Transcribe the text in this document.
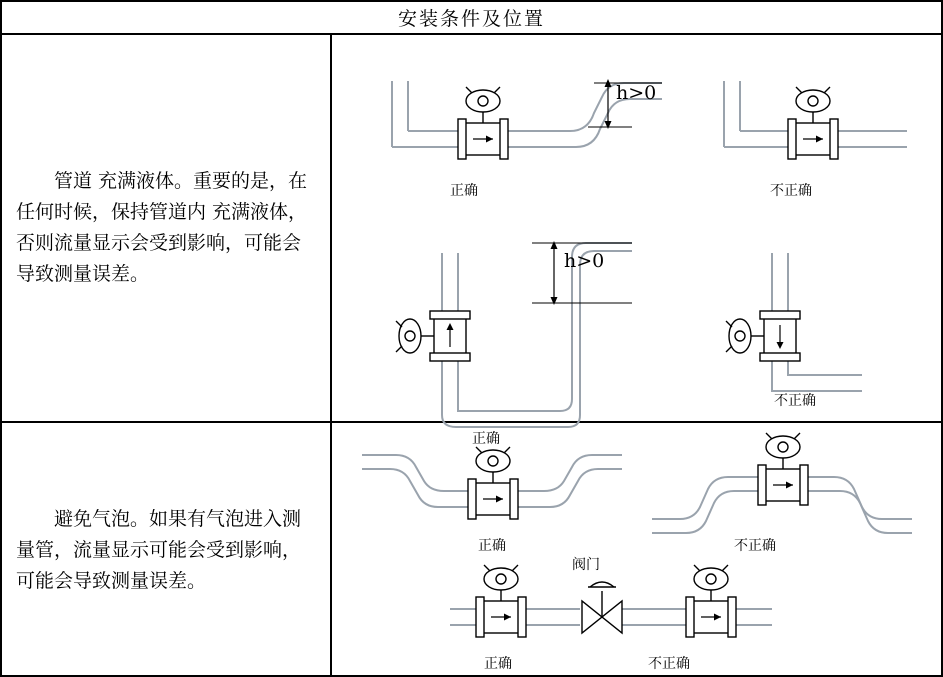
安装条件及位置

管道 充满液体。重要的是，在任何时候，保持管道内 充满液体，否则流量显示会受到影响，可能会导致测量误差。

正确	不正确
正确
不正确
h>0
h>0

避免气泡。如果有气泡进入测量管，流量显示可能会受到影响，可能会导致测量误差。

正确	不正确
正确	不正确
阀门
